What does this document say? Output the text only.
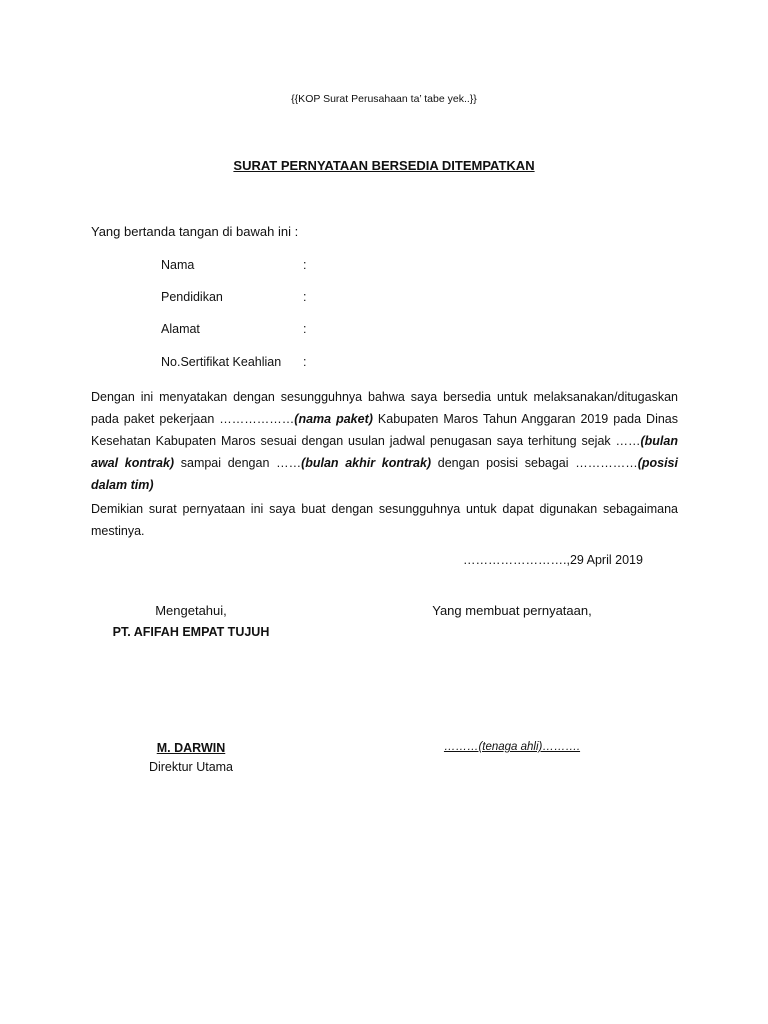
{{KOP Surat Perusahaan ta’ tabe yek..}}
SURAT PERNYATAAN BERSEDIA DITEMPATKAN
Yang bertanda tangan di bawah ini :
Nama	:
Pendidikan	:
Alamat	:
No.Sertifikat Keahlian :
Dengan ini menyatakan dengan sesungguhnya bahwa saya bersedia untuk melaksanakan/ditugaskan pada paket pekerjaan ………………(nama paket) Kabupaten Maros Tahun Anggaran 2019 pada Dinas Kesehatan Kabupaten Maros sesuai dengan usulan jadwal penugasan saya terhitung sejak ……(bulan awal kontrak) sampai dengan ……(bulan akhir kontrak) dengan posisi sebagai ……………(posisi dalam tim)
Demikian surat pernyataan ini saya buat dengan sesungguhnya untuk dapat digunakan sebagaimana mestinya.
…………………….,29 April 2019
Mengetahui,
PT. AFIFAH EMPAT TUJUH
M. DARWIN
Direktur Utama
Yang membuat pernyataan,
………(tenaga ahli)……….
